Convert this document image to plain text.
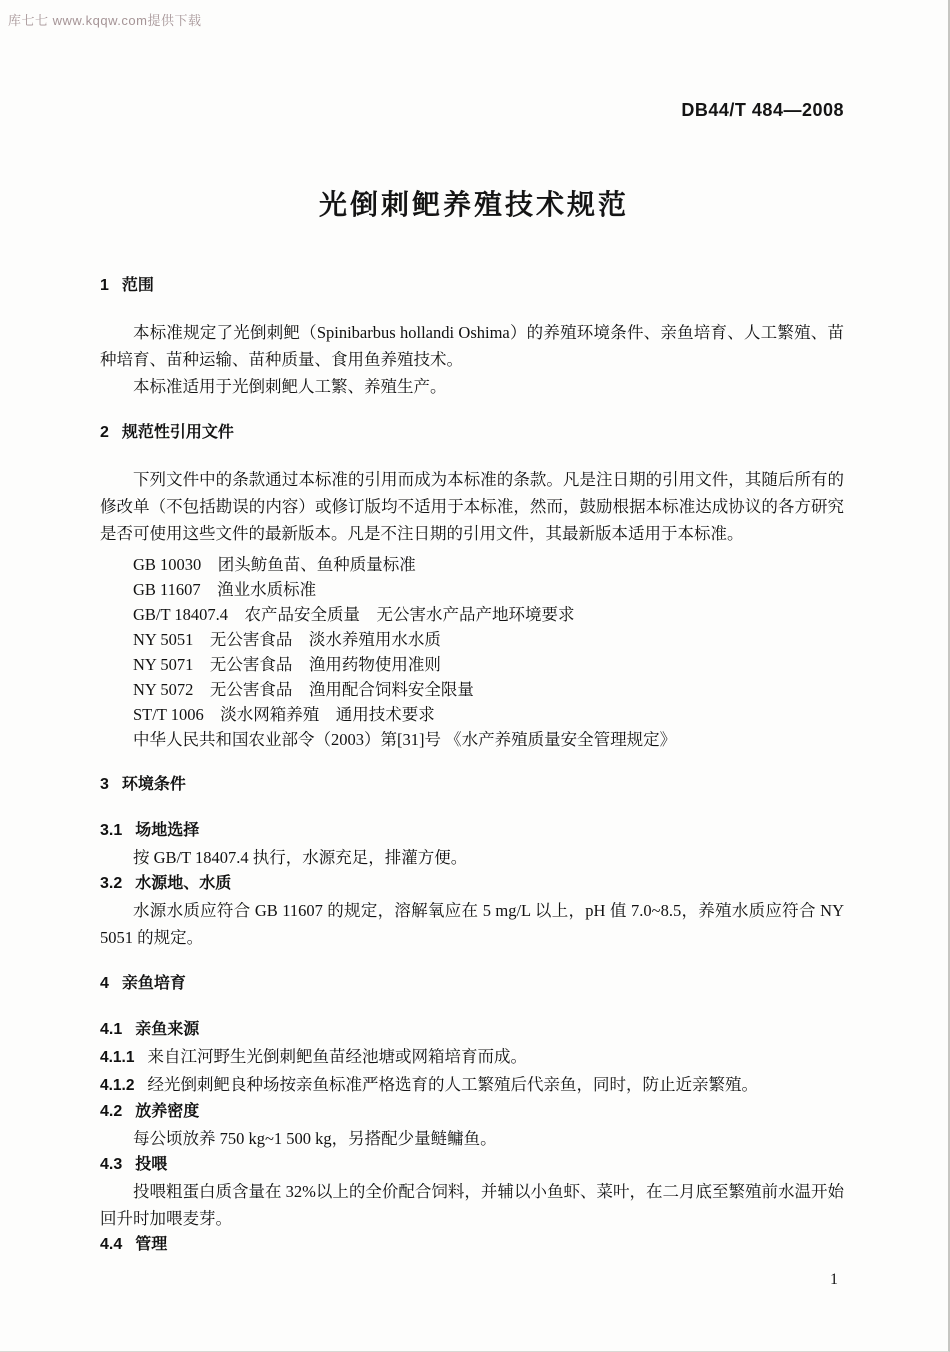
库七七 www.kqqw.com提供下载
DB44/T 484—2008
光倒刺鲃养殖技术规范
1 范围
本标准规定了光倒刺鲃（Spinibarbus hollandi Oshima）的养殖环境条件、亲鱼培育、人工繁殖、苗种培育、苗种运输、苗种质量、食用鱼养殖技术。
本标准适用于光倒刺鲃人工繁、养殖生产。
2 规范性引用文件
下列文件中的条款通过本标准的引用而成为本标准的条款。凡是注日期的引用文件，其随后所有的修改单（不包括勘误的内容）或修订版均不适用于本标准，然而，鼓励根据本标准达成协议的各方研究是否可使用这些文件的最新版本。凡是不注日期的引用文件，其最新版本适用于本标准。
GB 10030　团头鲂鱼苗、鱼种质量标准
GB 11607　渔业水质标准
GB/T 18407.4　农产品安全质量　无公害水产品产地环境要求
NY 5051　无公害食品　淡水养殖用水水质
NY 5071　无公害食品　渔用药物使用准则
NY 5072　无公害食品　渔用配合饲料安全限量
ST/T 1006　淡水网箱养殖　通用技术要求
中华人民共和国农业部令（2003）第[31]号 《水产养殖质量安全管理规定》
3 环境条件
3.1 场地选择
按 GB/T 18407.4 执行，水源充足，排灌方便。
3.2 水源地、水质
水源水质应符合 GB 11607 的规定，溶解氧应在 5 mg/L 以上，pH 值 7.0~8.5，养殖水质应符合 NY 5051 的规定。
4 亲鱼培育
4.1 亲鱼来源
4.1.1 来自江河野生光倒刺鲃鱼苗经池塘或网箱培育而成。
4.1.2 经光倒刺鲃良种场按亲鱼标准严格选育的人工繁殖后代亲鱼，同时，防止近亲繁殖。
4.2 放养密度
每公顷放养 750 kg~1 500 kg，另搭配少量鲢鳙鱼。
4.3 投喂
投喂粗蛋白质含量在 32%以上的全价配合饲料，并辅以小鱼虾、菜叶，在二月底至繁殖前水温开始回升时加喂麦芽。
4.4 管理
1
